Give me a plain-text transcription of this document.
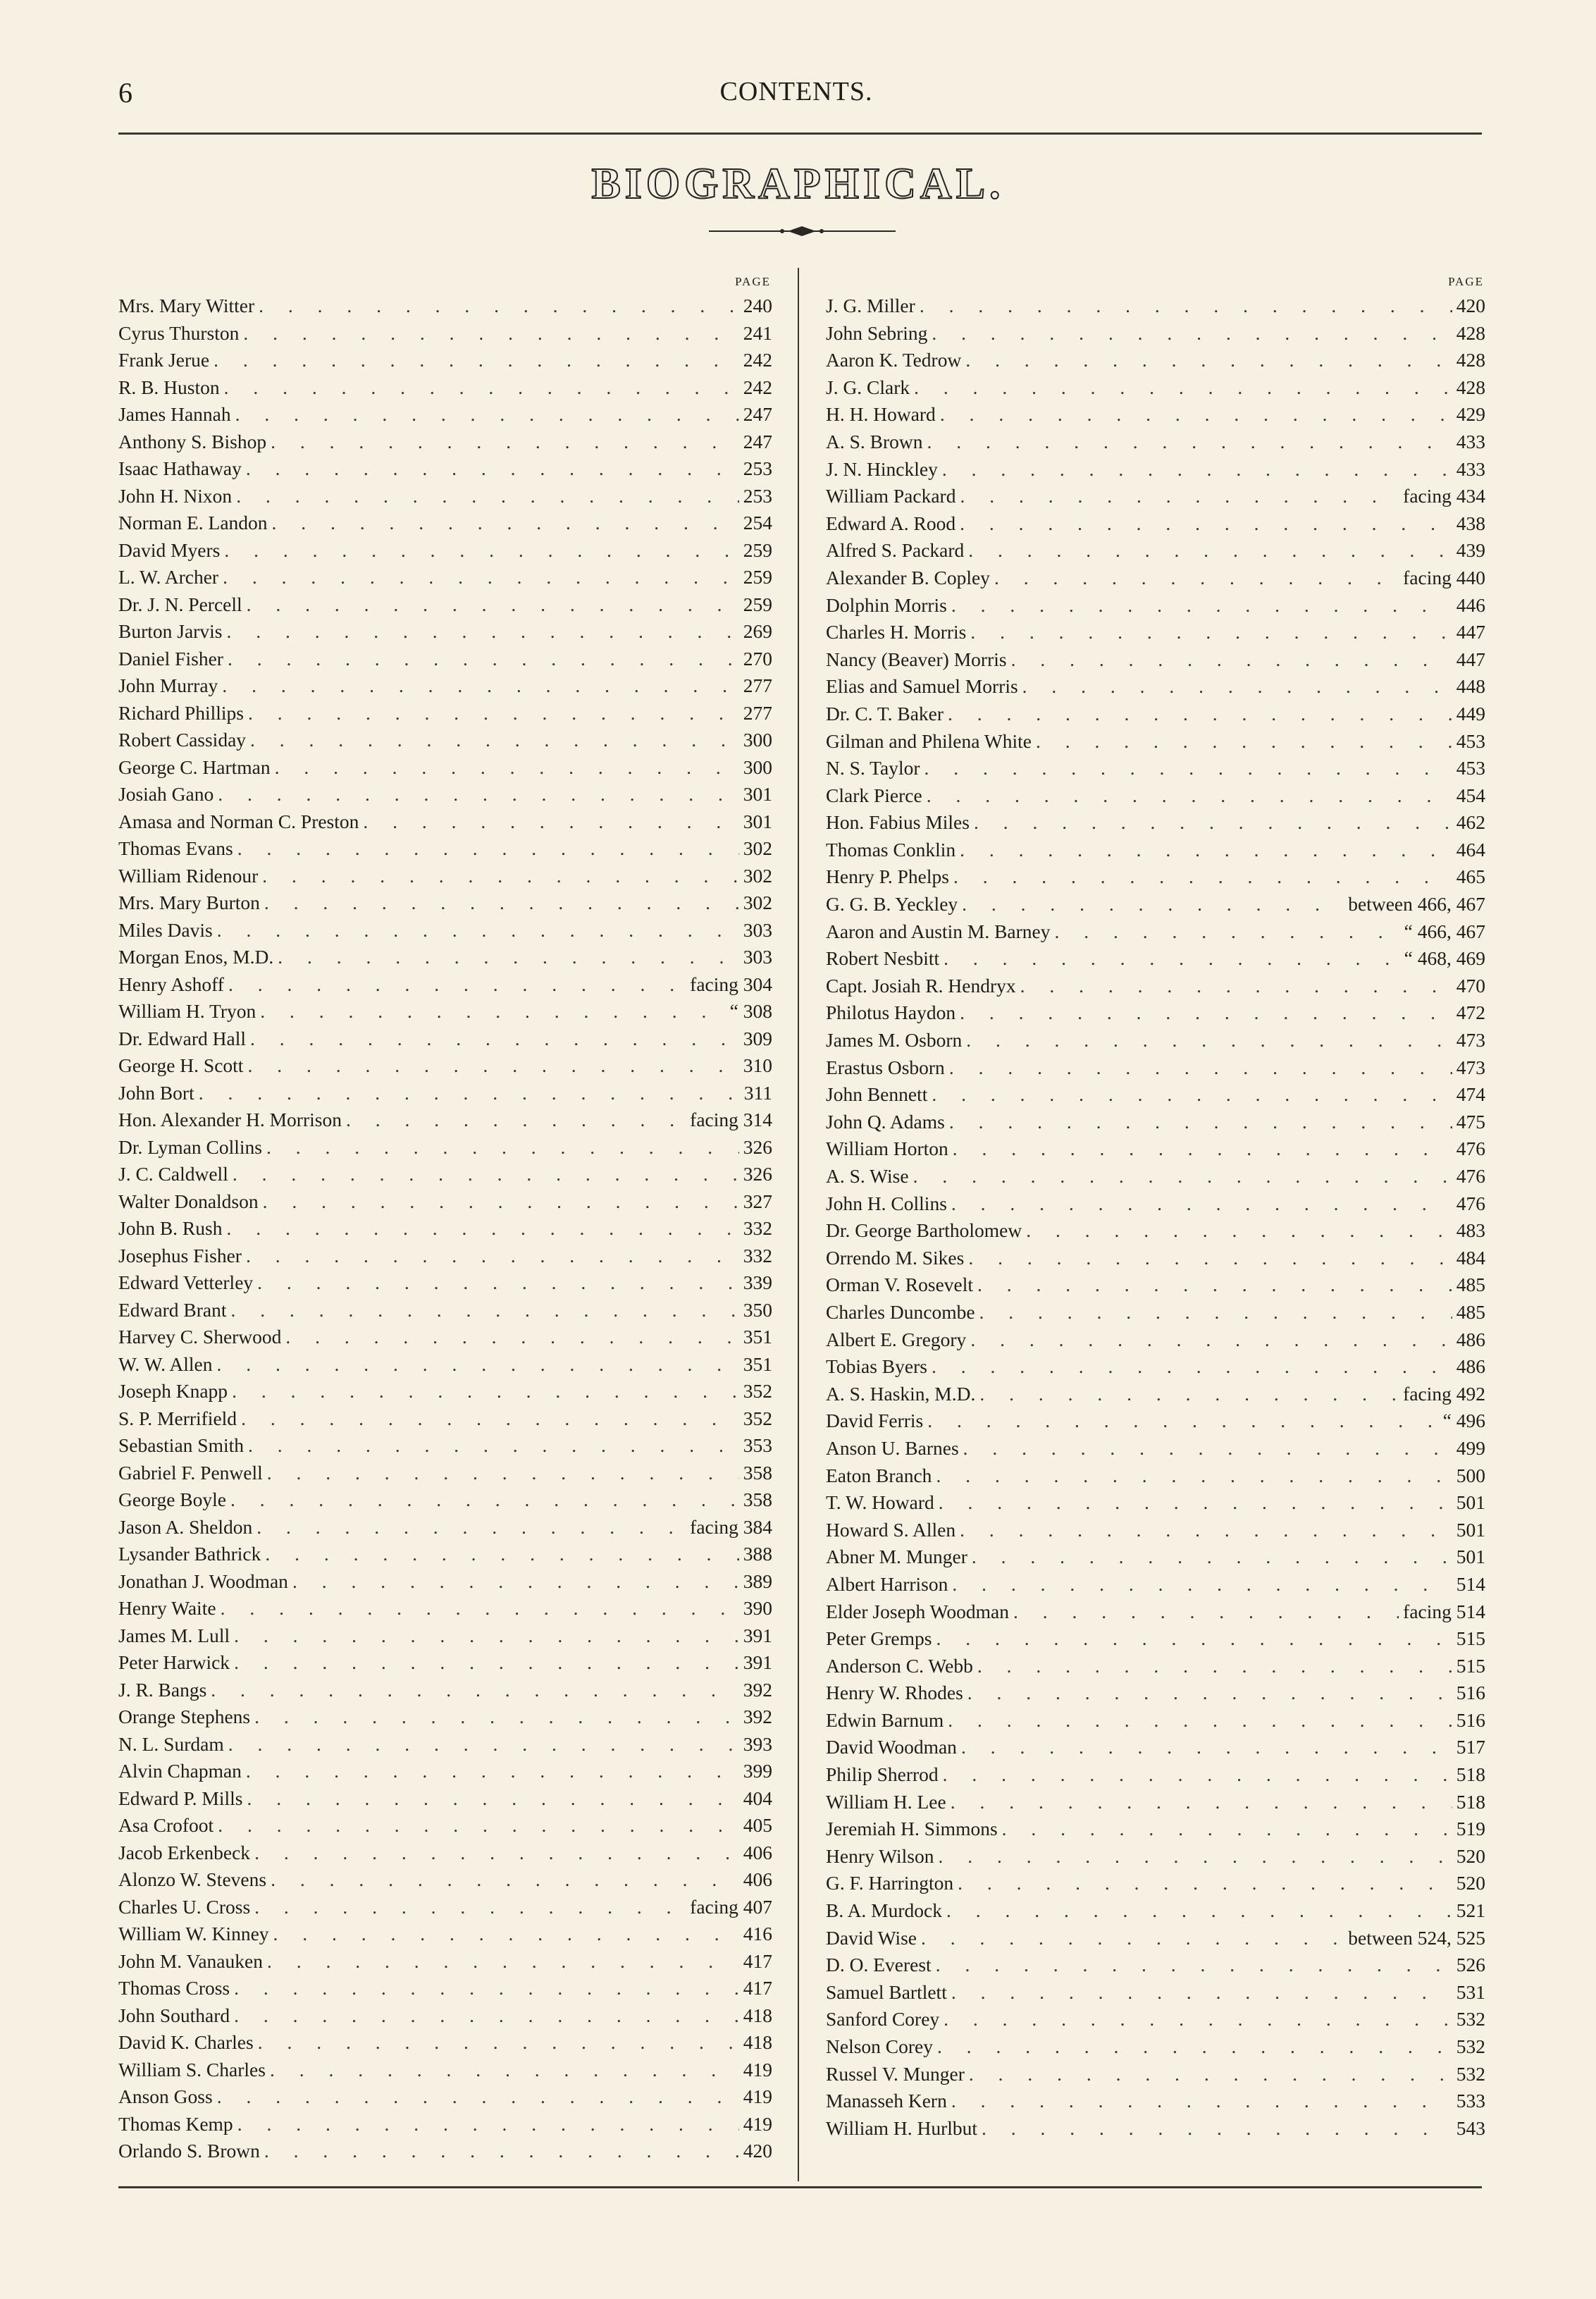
6	CONTENTS.
BIOGRAPHICAL.
PAGE
Mrs. Mary Witter . . .	240
Cyrus Thurston . . .	241
Frank Jerue . . .	242
R. B. Huston . . .	242
James Hannah . . .	247
Anthony S. Bishop . . .	247
Isaac Hathaway . . .	253
John H. Nixon . . .	253
Norman E. Landon . . .	254
David Myers . . .	259
L. W. Archer . . .	259
Dr. J. N. Percell . . .	259
Burton Jarvis . . .	269
Daniel Fisher . . .	270
John Murray . . .	277
Richard Phillips . . .	277
Robert Cassiday . . .	300
George C. Hartman . . .	300
Josiah Gano . . .	301
Amasa and Norman C. Preston . . .	301
Thomas Evans . . .	302
William Ridenour . . .	302
Mrs. Mary Burton . . .	302
Miles Davis . . .	303
Morgan Enos, M.D. . . .	303
Henry Ashoff . . .	facing 304
William H. Tryon . . .	“ 308
Dr. Edward Hall . . .	309
George H. Scott . . .	310
John Bort . . .	311
Hon. Alexander H. Morrison . . .	facing 314
Dr. Lyman Collins . . .	326
J. C. Caldwell . . .	326
Walter Donaldson . . .	327
John B. Rush . . .	332
Josephus Fisher . . .	332
Edward Vetterley . . .	339
Edward Brant . . .	350
Harvey C. Sherwood . . .	351
W. W. Allen . . .	351
Joseph Knapp . . .	352
S. P. Merrifield . . .	352
Sebastian Smith . . .	353
Gabriel F. Penwell . . .	358
George Boyle . . .	358
Jason A. Sheldon . . .	facing 384
Lysander Bathrick . . .	388
Jonathan J. Woodman . . .	389
Henry Waite . . .	390
James M. Lull . . .	391
Peter Harwick . . .	391
J. R. Bangs . . .	392
Orange Stephens . . .	392
N. L. Surdam . . .	393
Alvin Chapman . . .	399
Edward P. Mills . . .	404
Asa Crofoot . . .	405
Jacob Erkenbeck . . .	406
Alonzo W. Stevens . . .	406
Charles U. Cross . . .	facing 407
William W. Kinney . . .	416
John M. Vanauken . . .	417
Thomas Cross . . .	417
John Southard . . .	418
David K. Charles . . .	418
William S. Charles . . .	419
Anson Goss . . .	419
Thomas Kemp . . .	419
Orlando S. Brown . . .	420
PAGE
J. G. Miller . . .	420
John Sebring . . .	428
Aaron K. Tedrow . . .	428
J. G. Clark . . .	428
H. H. Howard . . .	429
A. S. Brown . . .	433
J. N. Hinckley . . .	433
William Packard . . .	facing 434
Edward A. Rood . . .	438
Alfred S. Packard . . .	439
Alexander B. Copley . . .	facing 440
Dolphin Morris . . .	446
Charles H. Morris . . .	447
Nancy (Beaver) Morris . . .	447
Elias and Samuel Morris . . .	448
Dr. C. T. Baker . . .	449
Gilman and Philena White . . .	453
N. S. Taylor . . .	453
Clark Pierce . . .	454
Hon. Fabius Miles . . .	462
Thomas Conklin . . .	464
Henry P. Phelps . . .	465
G. G. B. Yeckley . . .	between 466, 467
Aaron and Austin M. Barney . . .	“ 466, 467
Robert Nesbitt . . .	“ 468, 469
Capt. Josiah R. Hendryx . . .	470
Philotus Haydon . . .	472
James M. Osborn . . .	473
Erastus Osborn . . .	473
John Bennett . . .	474
John Q. Adams . . .	475
William Horton . . .	476
A. S. Wise . . .	476
John H. Collins . . .	476
Dr. George Bartholomew . . .	483
Orrendo M. Sikes . . .	484
Orman V. Rosevelt . . .	485
Charles Duncombe . . .	485
Albert E. Gregory . . .	486
Tobias Byers . . .	486
A. S. Haskin, M.D. . . .	facing 492
David Ferris . . .	“ 496
Anson U. Barnes . . .	499
Eaton Branch . . .	500
T. W. Howard . . .	501
Howard S. Allen . . .	501
Abner M. Munger . . .	501
Albert Harrison . . .	514
Elder Joseph Woodman . . .	facing 514
Peter Gremps . . .	515
Anderson C. Webb . . .	515
Henry W. Rhodes . . .	516
Edwin Barnum . . .	516
David Woodman . . .	517
Philip Sherrod . . .	518
William H. Lee . . .	518
Jeremiah H. Simmons . . .	519
Henry Wilson . . .	520
G. F. Harrington . . .	520
B. A. Murdock . . .	521
David Wise . . .	between 524, 525
D. O. Everest . . .	526
Samuel Bartlett . . .	531
Sanford Corey . . .	532
Nelson Corey . . .	532
Russel V. Munger . . .	532
Manasseh Kern . . .	533
William H. Hurlbut . . .	543
